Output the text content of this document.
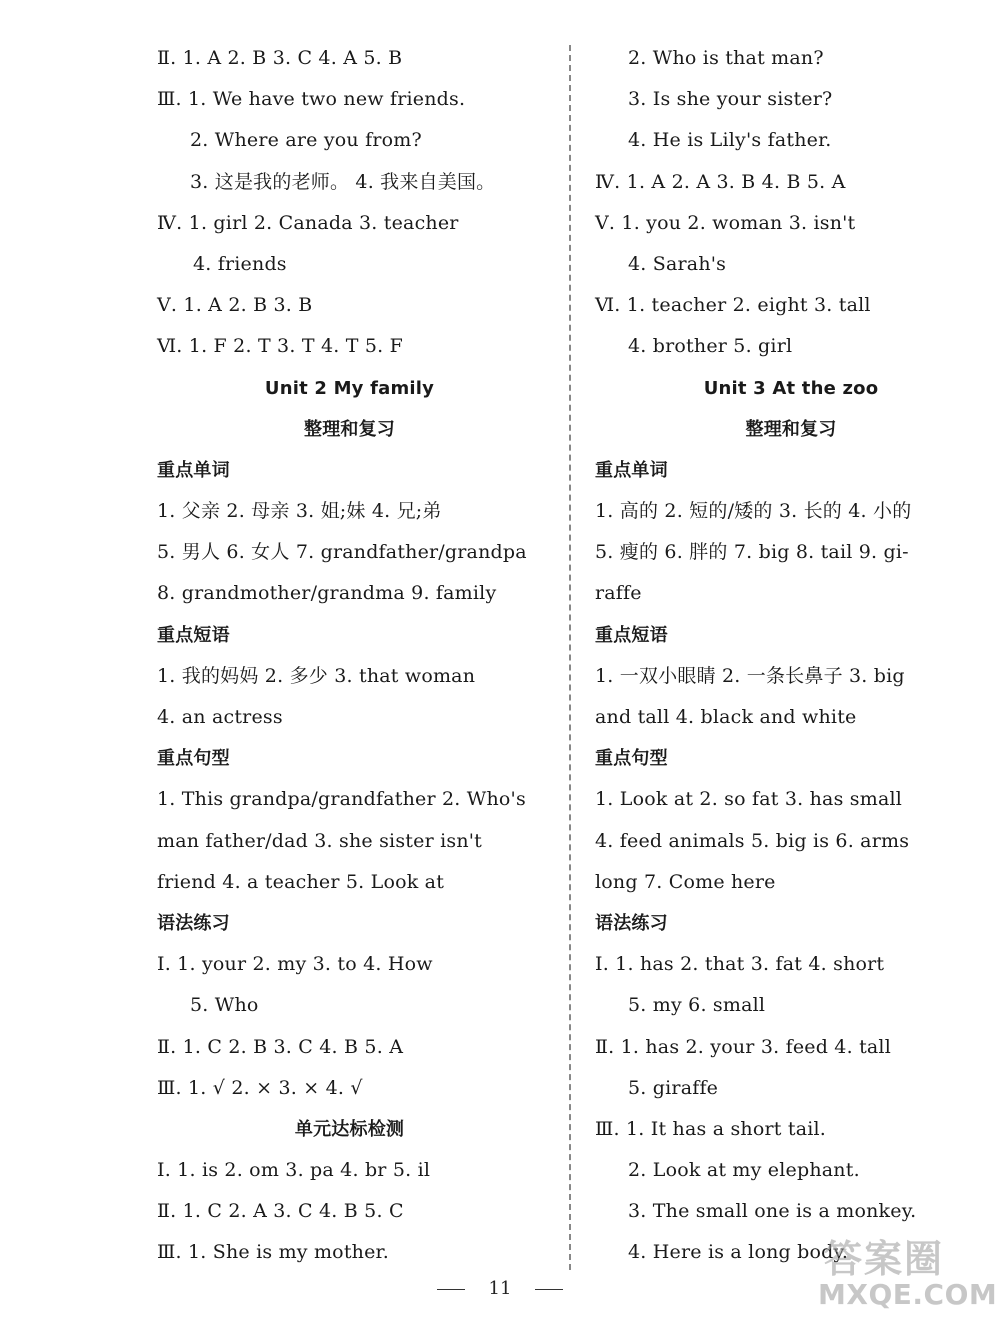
Ⅱ. 1. A 2. B 3. C 4. A 5. B
Ⅲ. 1. We have two new friends.
2. Where are you from?
3. 这是我的老师。 4. 我来自美国。
Ⅳ. 1. girl 2. Canada 3. teacher
4. friends
Ⅴ. 1. A 2. B 3. B
Ⅵ. 1. F 2. T 3. T 4. T 5. F
Unit 2 My family
整理和复习
重点单词
1. 父亲 2. 母亲 3. 姐;妹 4. 兄;弟
5. 男人 6. 女人 7. grandfather/grandpa
8. grandmother/grandma 9. family
重点短语
1. 我的妈妈 2. 多少 3. that woman
4. an actress
重点句型
1. This grandpa/grandfather 2. Who's
man father/dad 3. she sister isn't
friend 4. a teacher 5. Look at
语法练习
Ⅰ. 1. your 2. my 3. to 4. How
5. Who
Ⅱ. 1. C 2. B 3. C 4. B 5. A
Ⅲ. 1. √ 2. × 3. × 4. √
单元达标检测
Ⅰ. 1. is 2. om 3. pa 4. br 5. il
Ⅱ. 1. C 2. A 3. C 4. B 5. C
Ⅲ. 1. She is my mother.
2. Who is that man?
3. Is she your sister?
4. He is Lily's father.
Ⅳ. 1. A 2. A 3. B 4. B 5. A
Ⅴ. 1. you 2. woman 3. isn't
4. Sarah's
Ⅵ. 1. teacher 2. eight 3. tall
4. brother 5. girl
Unit 3 At the zoo
整理和复习
重点单词
1. 高的 2. 短的/矮的 3. 长的 4. 小的
5. 瘦的 6. 胖的 7. big 8. tail 9. gi-
raffe
重点短语
1. 一双小眼睛 2. 一条长鼻子 3. big
and tall 4. black and white
重点句型
1. Look at 2. so fat 3. has small
4. feed animals 5. big is 6. arms
long 7. Come here
语法练习
Ⅰ. 1. has 2. that 3. fat 4. short
5. my 6. small
Ⅱ. 1. has 2. your 3. feed 4. tall
5. giraffe
Ⅲ. 1. It has a short tail.
2. Look at my elephant.
3. The small one is a monkey.
4. Here is a long body.
11
答案圈
MXQE.COM
